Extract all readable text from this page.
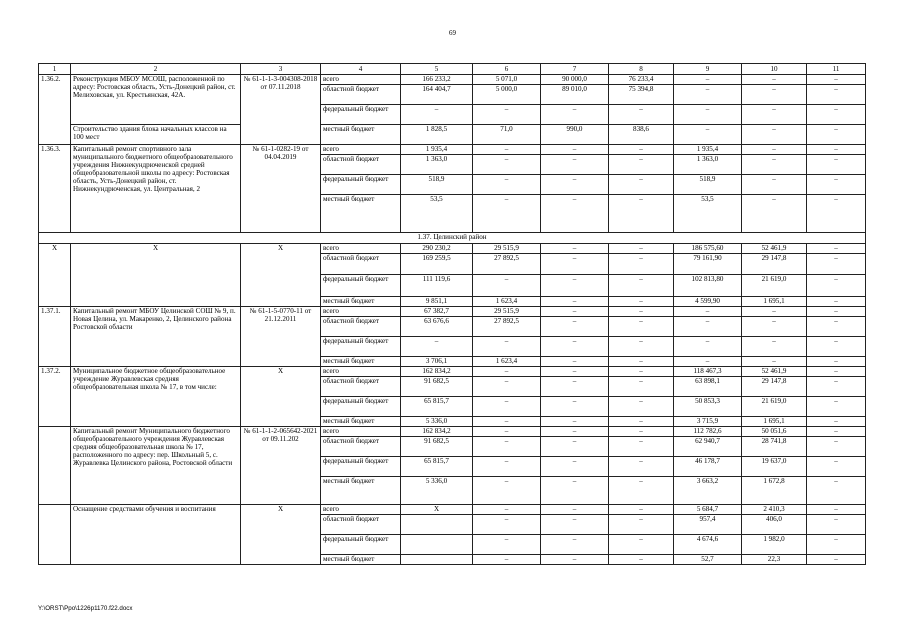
69
1	2	3	4	5	6	7	8	9	10	11
1.36.2.	Реконструкция МБОУ МСОШ, расположенной по адресу: Ростовская область, Усть-Донецкий район, ст. Мелиховская, ул. Крестьянская, 42А.	№ 61-1-1-3-004308-2018 от 07.11.2018	всего	166 233,2	5 071,0	90 000,0	76 233,4	–	–	–
			областной бюджет	164 404,7	5 000,0	89 010,0	75 394,8	–	–	–
			федеральный бюджет	–	–	–	–	–	–	–
	Строительство здания блока начальных классов на 100 мест		местный бюджет	1 828,5	71,0	990,0	838,6	–	–	–
1.36.3.	Капитальный ремонт спортивного зала муниципального бюджетного общеобразовательного учреждения Нижнекундрюченской средней общеобразовательной школы по адресу: Ростовская область, Усть-Донецкий район, ст. Нижнекундрюченская, ул. Центральная, 2	№ 61-1-0282-19 от 04.04.2019	всего	1 935,4	–	–	–	1 935,4	–	–
			областной бюджет	1 363,0	–	–	–	1 363,0	–	–
			федеральный бюджет	518,9	–	–	–	518,9	–	–
			местный бюджет	53,5	–	–	–	53,5	–	–
1.37. Целинский район										
X	X	X	всего	290 230,2	29 515,9	–	–	186 575,60	52 461,9	–
			областной бюджет	169 259,5	27 892,5	–	–	79 161,90	29 147,8	–
			федеральный бюджет	111 119,6	–	–	–	102 813,80	21 619,0	–
			местный бюджет	9 851,1	1 623,4	–	–	4 599,90	1 695,1	–
1.37.1.	Капитальный ремонт МБОУ Целинской СОШ № 9, п. Новая Целина, ул. Макаренко, 2, Целинского района Ростовской области	№ 61-1-5-0770-11 от 21.12.2011	всего	67 382,7	29 515,9	–	–	–	–	–
			областной бюджет	63 676,6	27 892,5	–	–	–	–	–
			федеральный бюджет	–	–	–	–	–	–	–
			местный бюджет	3 706,1	1 623,4	–	–	–	–	–
1.37.2.	Муниципальное бюджетное общеобразовательное учреждение Журавлевская средняя общеобразовательная школа № 17, в том числе:	X	всего	162 834,2	–	–	–	118 467,3	52 461,9	–
			областной бюджет	91 682,5	–	–	–	63 898,1	29 147,8	–
			федеральный бюджет	65 815,7	–	–	–	50 853,3	21 619,0	–
			местный бюджет	5 336,0	–	–	–	3 715,9	1 695,1	–
	Капитальный ремонт Муниципального бюджетного общеобразовательного учреждения Журавлевская средняя общеобразовательная школа № 17, расположенного по адресу: пер. Школьный 5, с. Журавлевка Целинского района, Ростовской области	№ 61-1-1-2-065642-2021 от 09.11.202	всего	162 834,2	–	–	–	112 782,6	50 051,6	–
			областной бюджет	91 682,5	–	–	–	62 940,7	28 741,8	–
			федеральный бюджет	65 815,7	–	–	–	46 178,7	19 637,0	–
			местный бюджет	5 336,0	–	–	–	3 663,2	1 672,8	–
	Оснащение средствами обучения и воспитания	X	всего	X	–	–	–	5 684,7	2 410,3	–
			областной бюджет		–	–	–	957,4	406,0	–
			федеральный бюджет		–	–	–	4 674,6	1 982,0	–
			местный бюджет		–	–	–	52,7	22,3	–
Y:\ORST\Ppo\1226p1170.f22.docx
